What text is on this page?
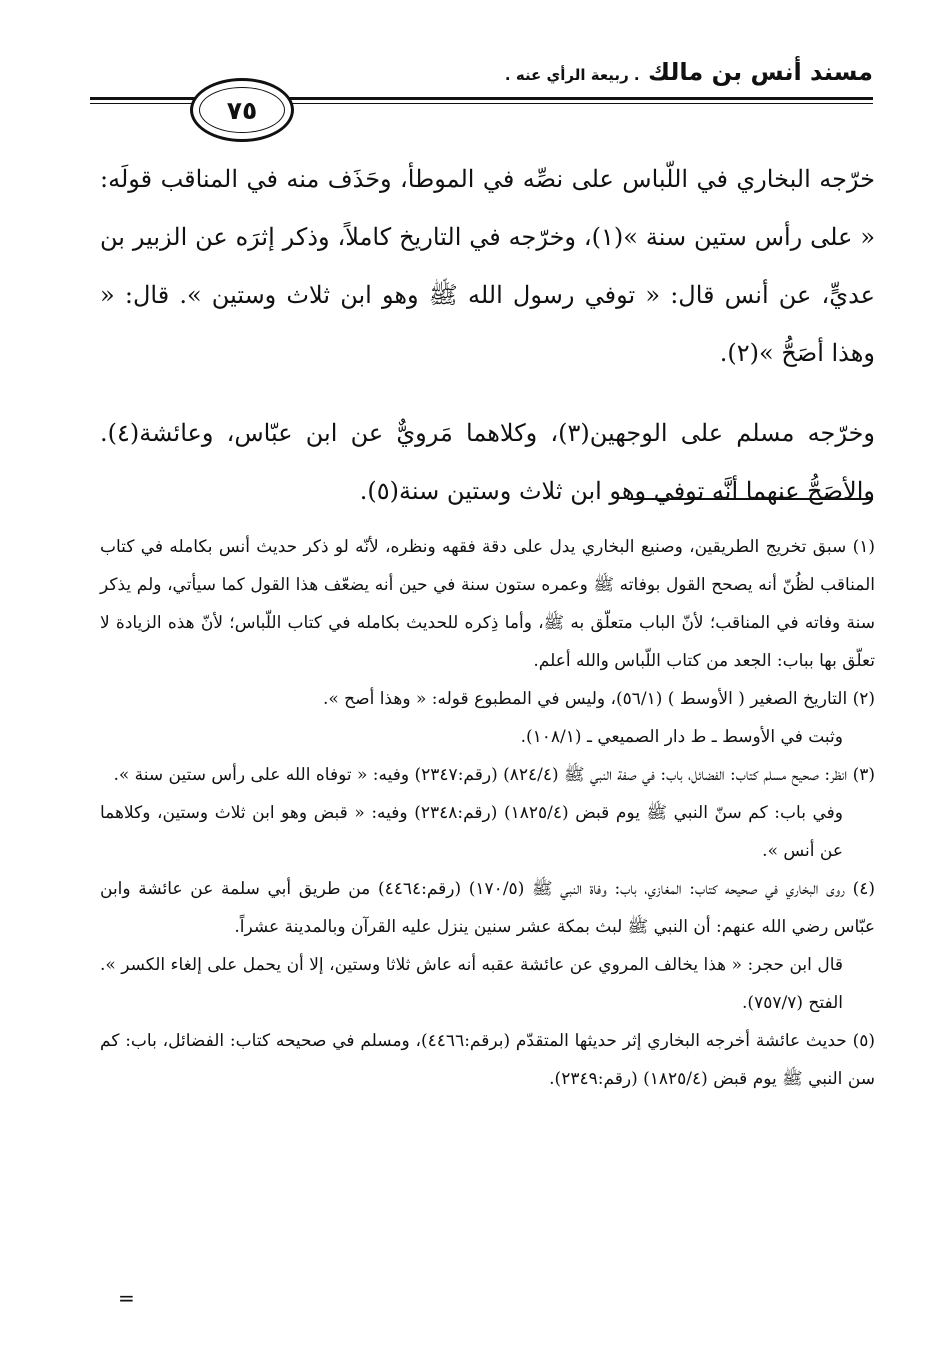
مسند أنس بن مالك . ربيعة الرأي عنه .
٧٥

خرّجه البخاري في اللّباس على نصِّه في الموطأ، وحَذَف منه في المناقب قولَه: « على رأس ستين سنة »(١)، وخرّجه في التاريخ كاملاً، وذكر إثرَه عن الزبير بن عديٍّ، عن أنس قال: « توفي رسول الله ﷺ وهو ابن ثلاث وستين ». قال: « وهذا أصَحُّ »(٢).

وخرّجه مسلم على الوجهين(٣)، وكلاهما مَرويٌّ عن ابن عبّاس، وعائشة(٤). والأصَحُّ عنهما أنَّه توفي وهو ابن ثلاث وستين سنة(٥).

(١) سبق تخريج الطريقين، وصنيع البخاري يدل على دقة فقهه ونظره، لأنّه لو ذكر حديث أنس بكامله في كتاب المناقب لظُنّ أنه يصحح القول بوفاته ﷺ وعمره ستون سنة في حين أنه يضعّف هذا القول كما سيأتي، ولم يذكر سنة وفاته في المناقب؛ لأنّ الباب متعلّق به ﷺ، وأما ذِكره للحديث بكامله في كتاب اللّباس؛ لأنّ هذه الزيادة لا تعلّق بها بباب: الجعد من كتاب اللّباس والله أعلم.

(٢) التاريخ الصغير ( الأوسط ) (٥٦/١)، وليس في المطبوع قوله: « وهذا أصح ».

وثبت في الأوسط ـ ط دار الصميعي ـ (١٠٨/١).

(٣) انظر: صحيح مسلم كتاب: الفضائل، باب: في صفة النبي ﷺ (٨٢٤/٤) (رقم:٢٣٤٧) وفيه: « توفاه الله على رأس ستين سنة ».

وفي باب: كم سنّ النبي ﷺ يوم قبض (١٨٢٥/٤) (رقم:٢٣٤٨) وفيه: « قبض وهو ابن ثلاث وستين، وكلاهما عن أنس ».

(٤) روى البخاري في صحيحه كتاب: المغازي، باب: وفاة النبي ﷺ (١٧٠/٥) (رقم:٤٤٦٤) من طريق أبي سلمة عن عائشة وابن عبّاس رضي الله عنهم: أن النبي ﷺ لبث بمكة عشر سنين ينزل عليه القرآن وبالمدينة عشراً.

قال ابن حجر: « هذا يخالف المروي عن عائشة عقبه أنه عاش ثلاثا وستين، إلا أن يحمل على إلغاء الكسر ». الفتح (٧٥٧/٧).

(٥) حديث عائشة أخرجه البخاري إثر حديثها المتقدّم (برقم:٤٤٦٦)، ومسلم في صحيحه كتاب: الفضائل، باب: كم سن النبي ﷺ يوم قبض (١٨٢٥/٤) (رقم:٢٣٤٩).

=
